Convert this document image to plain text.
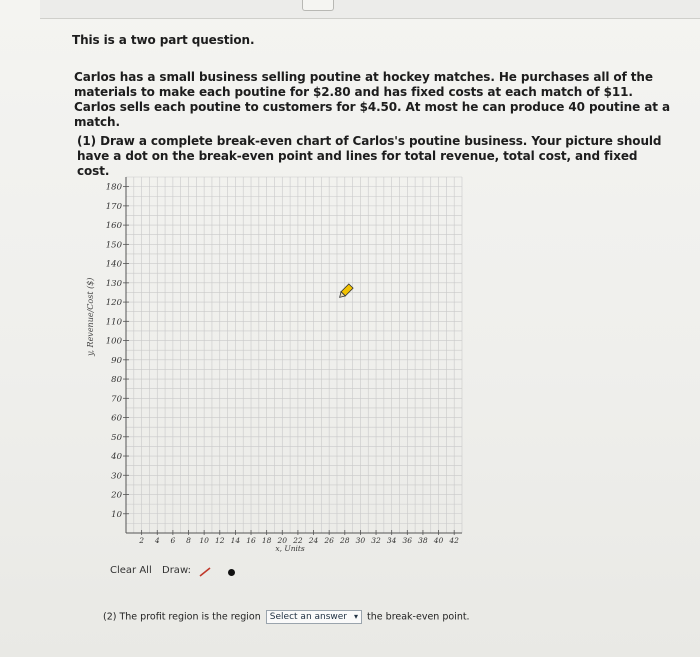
This is a two part question.
Carlos has a small business selling poutine at hockey matches. He purchases all of the materials to make each poutine for $2.80 and has fixed costs at each match of $11. Carlos sells each poutine to customers for $4.50. At most he can produce 40 poutine at a match.
(1) Draw a complete break-even chart of Carlos's poutine business. Your picture should have a dot on the break-even point and lines for total revenue, total cost, and fixed cost.
10
20
30
40
50
60
70
80
90
100
110
120
130
140
150
160
170
180
2 4 6 8 10 12 14 16 18 20 22 24 26 28 30 32 34 36 38 40 42
x, Units
y, Revenue/Cost ($)
Clear All Draw:
(2) The profit region is the region Select an answer ▾ the break-even point.
